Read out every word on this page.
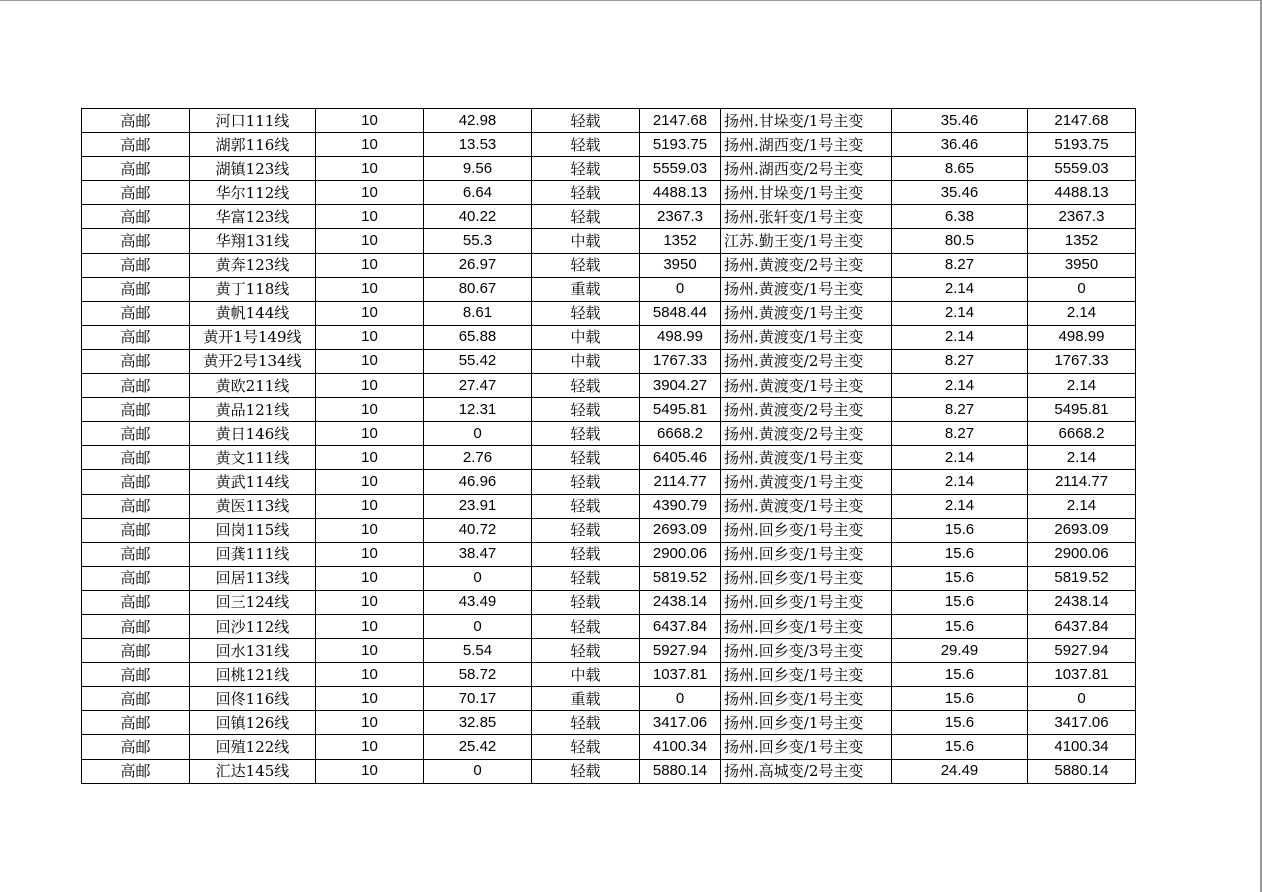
高邮	河口111线	10	42.98	轻载	2147.68	扬州.甘垛变/1号主变	35.46	2147.68
高邮	湖郭116线	10	13.53	轻载	5193.75	扬州.湖西变/1号主变	36.46	5193.75
高邮	湖镇123线	10	9.56	轻载	5559.03	扬州.湖西变/2号主变	8.65	5559.03
高邮	华尔112线	10	6.64	轻载	4488.13	扬州.甘垛变/1号主变	35.46	4488.13
高邮	华富123线	10	40.22	轻载	2367.3	扬州.张轩变/1号主变	6.38	2367.3
高邮	华翔131线	10	55.3	中载	1352	江苏.勤王变/1号主变	80.5	1352
高邮	黄奔123线	10	26.97	轻载	3950	扬州.黄渡变/2号主变	8.27	3950
高邮	黄丁118线	10	80.67	重载	0	扬州.黄渡变/1号主变	2.14	0
高邮	黄帆144线	10	8.61	轻载	5848.44	扬州.黄渡变/1号主变	2.14	2.14
高邮	黄开1号149线	10	65.88	中载	498.99	扬州.黄渡变/1号主变	2.14	498.99
高邮	黄开2号134线	10	55.42	中载	1767.33	扬州.黄渡变/2号主变	8.27	1767.33
高邮	黄欧211线	10	27.47	轻载	3904.27	扬州.黄渡变/1号主变	2.14	2.14
高邮	黄品121线	10	12.31	轻载	5495.81	扬州.黄渡变/2号主变	8.27	5495.81
高邮	黄日146线	10	0	轻载	6668.2	扬州.黄渡变/2号主变	8.27	6668.2
高邮	黄文111线	10	2.76	轻载	6405.46	扬州.黄渡变/1号主变	2.14	2.14
高邮	黄武114线	10	46.96	轻载	2114.77	扬州.黄渡变/1号主变	2.14	2114.77
高邮	黄医113线	10	23.91	轻载	4390.79	扬州.黄渡变/1号主变	2.14	2.14
高邮	回岗115线	10	40.72	轻载	2693.09	扬州.回乡变/1号主变	15.6	2693.09
高邮	回龚111线	10	38.47	轻载	2900.06	扬州.回乡变/1号主变	15.6	2900.06
高邮	回居113线	10	0	轻载	5819.52	扬州.回乡变/1号主变	15.6	5819.52
高邮	回三124线	10	43.49	轻载	2438.14	扬州.回乡变/1号主变	15.6	2438.14
高邮	回沙112线	10	0	轻载	6437.84	扬州.回乡变/1号主变	15.6	6437.84
高邮	回水131线	10	5.54	轻载	5927.94	扬州.回乡变/3号主变	29.49	5927.94
高邮	回桃121线	10	58.72	中载	1037.81	扬州.回乡变/1号主变	15.6	1037.81
高邮	回佟116线	10	70.17	重载	0	扬州.回乡变/1号主变	15.6	0
高邮	回镇126线	10	32.85	轻载	3417.06	扬州.回乡变/1号主变	15.6	3417.06
高邮	回殖122线	10	25.42	轻载	4100.34	扬州.回乡变/1号主变	15.6	4100.34
高邮	汇达145线	10	0	轻载	5880.14	扬州.高城变/2号主变	24.49	5880.14
